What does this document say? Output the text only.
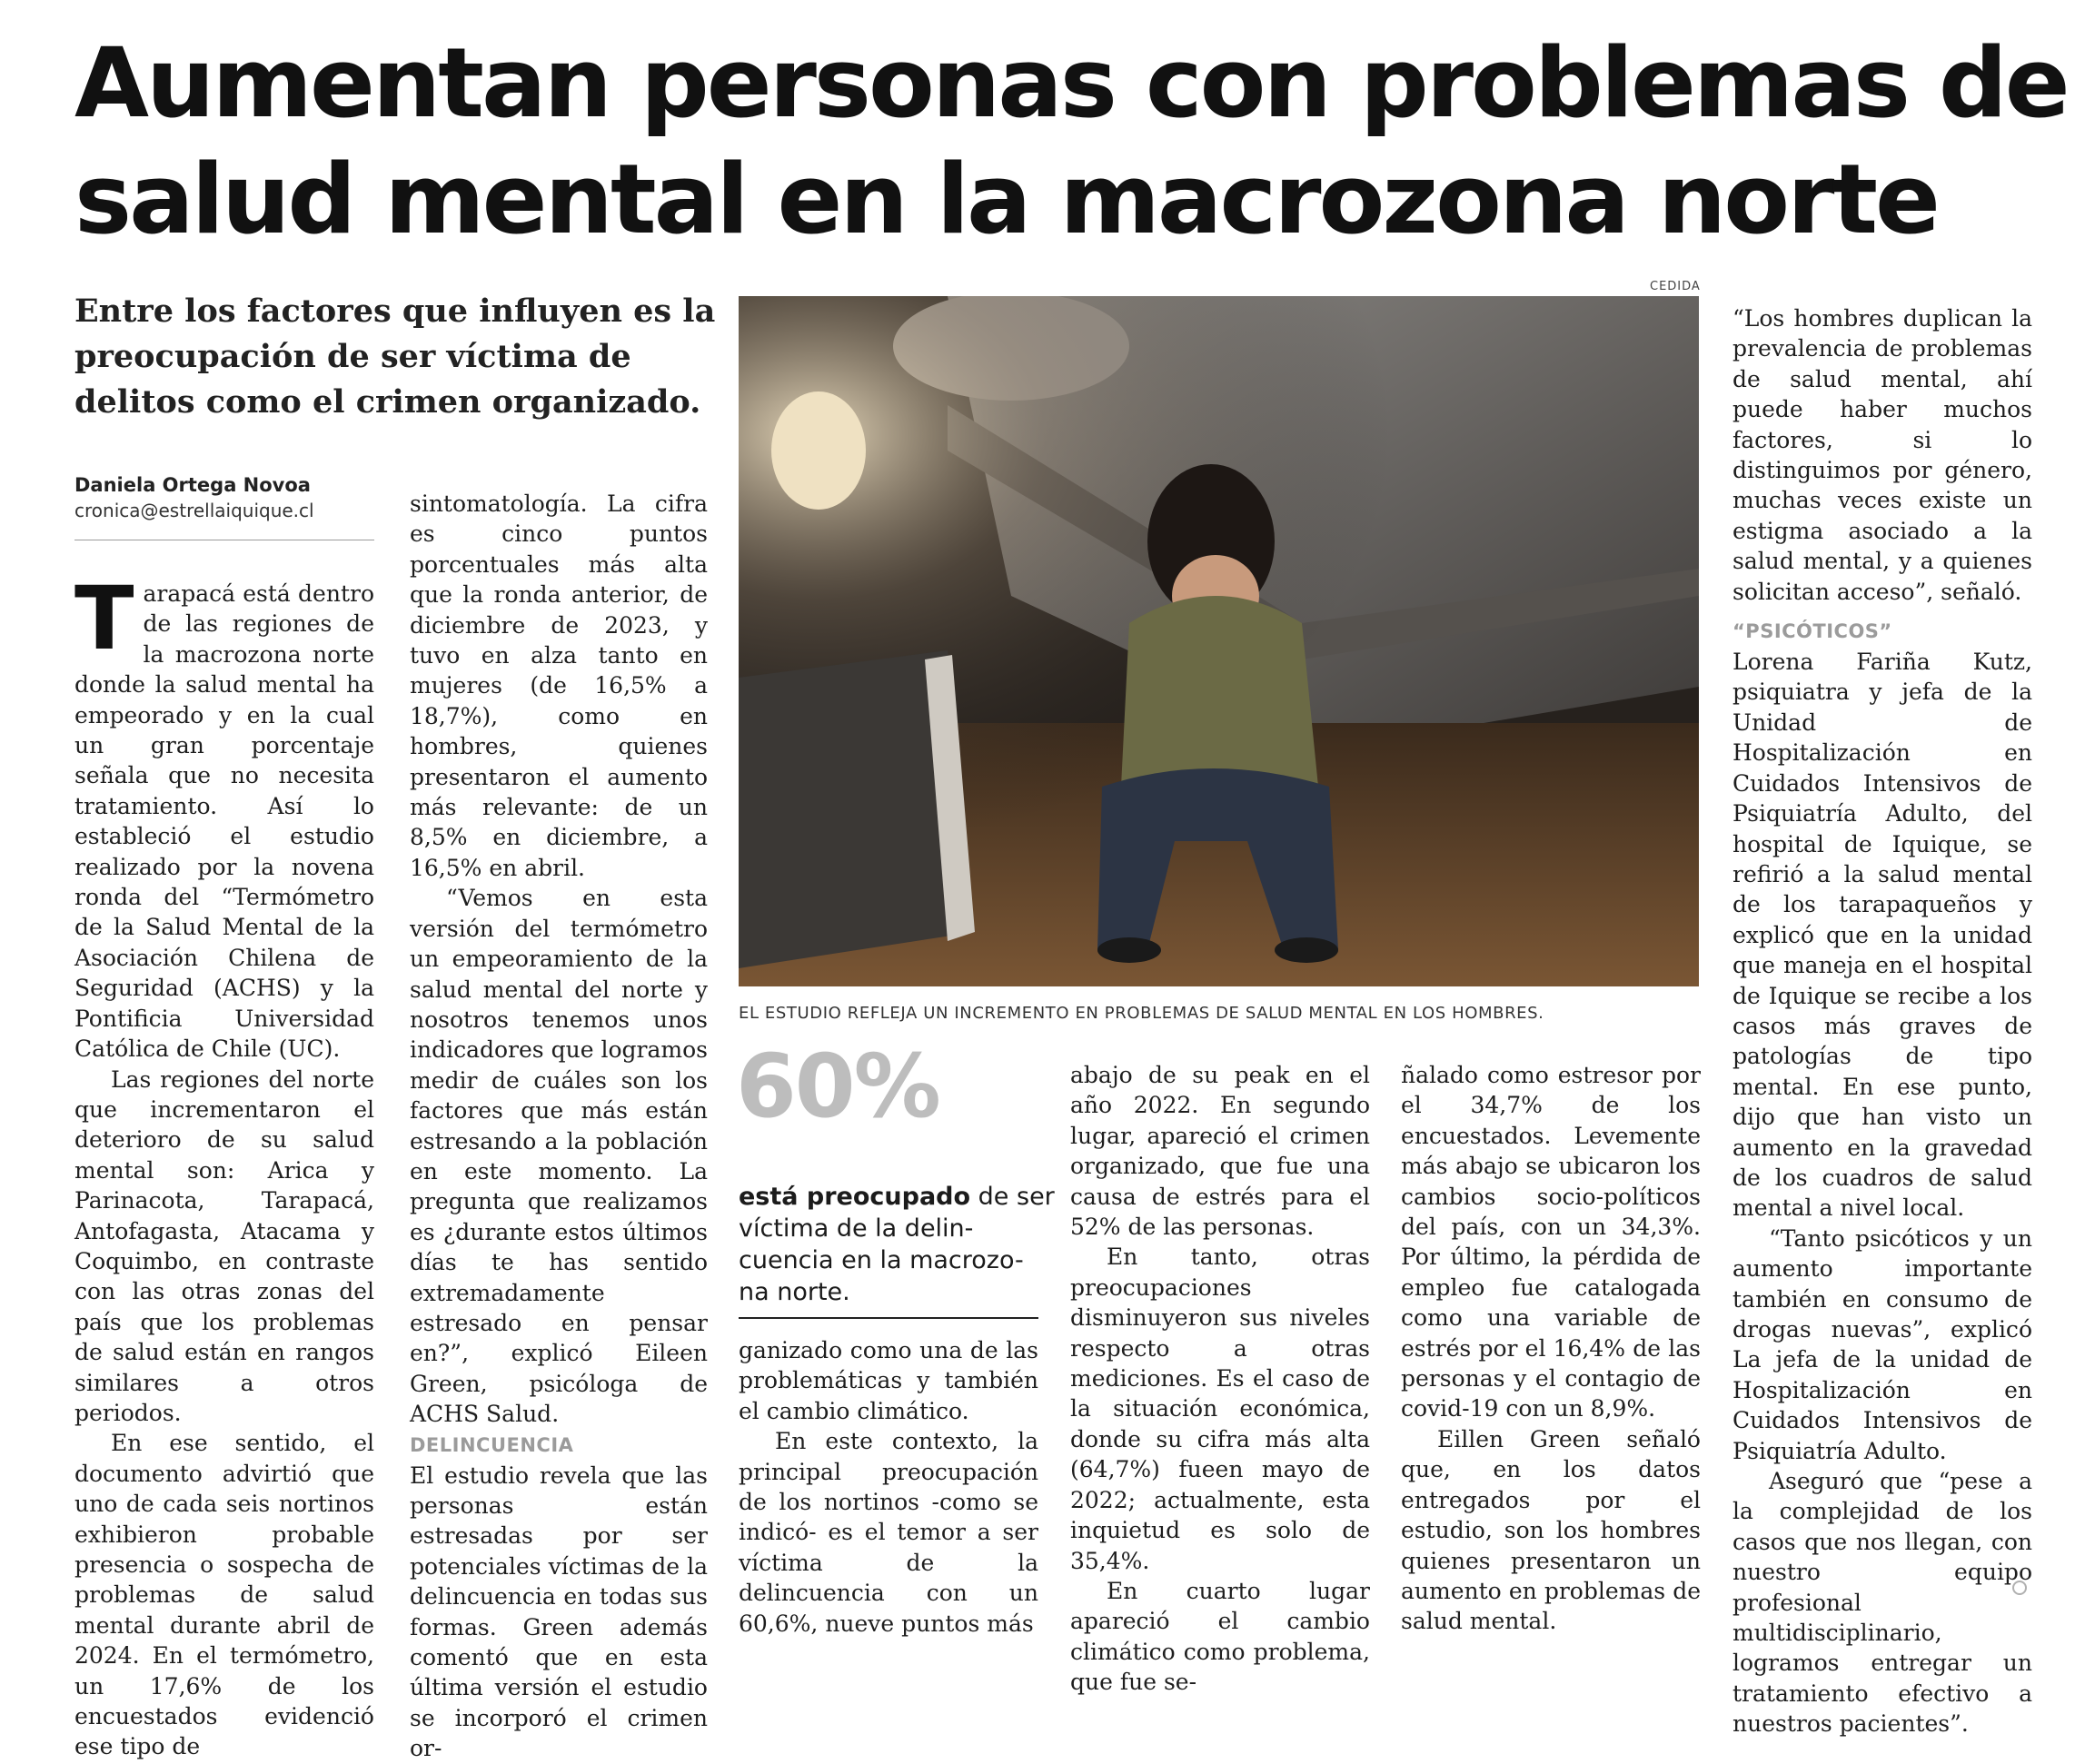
Aumentan personas con problemas de
salud mental en la macrozona norte
Entre los factores que influyen es la
preocupación de ser víctima de
delitos como el crimen organizado.
Daniela Ortega Novoa
cronica@estrellaiquique.cl

Tarapacá está dentro de las regiones de la macrozona norte donde la salud mental ha empeorado y en la cual un gran porcentaje señala que no necesita tratamiento. Así lo estableció el estudio realizado por la novena ronda del “Termómetro de la Salud Mental de la Asociación Chilena de Seguridad (ACHS) y la Pontificia Universidad Católica de Chile (UC).

Las regiones del norte que incrementaron el deterioro de su salud mental son: Arica y Parinacota, Tarapacá, Antofagasta, Atacama y Coquimbo, en contraste con las otras zonas del país que los problemas de salud están en rangos similares a otros periodos.

En ese sentido, el documento advirtió que uno de cada seis nortinos exhibieron probable presencia o sospecha de problemas de salud mental durante abril de 2024. En el termómetro, un 17,6% de los encuestados evidenció ese tipo de

sintomatología. La cifra es cinco puntos porcentuales más alta que la ronda anterior, de diciembre de 2023, y tuvo en alza tanto en mujeres (de 16,5% a 18,7%), como en hombres, quienes presentaron el aumento más relevante: de un 8,5% en diciembre, a 16,5% en abril.

“Vemos en esta versión del termómetro un empeoramiento de la salud mental del norte y nosotros tenemos unos indicadores que logramos medir de cuáles son los factores que más están estresando a la población en este momento. La pregunta que realizamos es ¿durante estos últimos días te has sentido extremadamente estresado en pensar en?”, explicó Eileen Green, psicóloga de ACHS Salud.

DELINCUENCIA

El estudio revela que las personas están estresadas por ser potenciales víctimas de la delincuencia en todas sus formas. Green además comentó que en esta última versión el estudio se incorporó el crimen or-

CEDIDA
EL ESTUDIO REFLEJA UN INCREMENTO EN PROBLEMAS DE SALUD MENTAL EN LOS HOMBRES.
60%
está preocupado de ser
víctima de la delin-
cuencia en la macrozo-
na norte.

ganizado como una de las problemáticas y también el cambio climático.

En este contexto, la principal preocupación de los nortinos -como se indicó- es el temor a ser víctima de la delincuencia con un 60,6%, nueve puntos más

abajo de su peak en el año 2022. En segundo lugar, apareció el crimen organizado, que fue una causa de estrés para el 52% de las personas.

En tanto, otras preocupaciones disminuyeron sus niveles respecto a otras mediciones. Es el caso de la situación económica, donde su cifra más alta (64,7%) fueen mayo de 2022; actualmente, esta inquietud es solo de 35,4%.

En cuarto lugar apareció el cambio climático como problema, que fue se-

ñalado como estresor por el 34,7% de los encuestados. Levemente más abajo se ubicaron los cambios socio-políticos del país, con un 34,3%. Por último, la pérdida de empleo fue catalogada como una variable de estrés por el 16,4% de las personas y el contagio de covid-19 con un 8,9%.

Eillen Green señaló que, en los datos entregados por el estudio, son los hombres quienes presentaron un aumento en problemas de salud mental.

“Los hombres duplican la prevalencia de problemas de salud mental, ahí puede haber muchos factores, si lo distinguimos por género, muchas veces existe un estigma asociado a la salud mental, y a quienes solicitan acceso”, señaló.

“PSICÓTICOS”

Lorena Fariña Kutz, psiquiatra y jefa de la Unidad de Hospitalización en Cuidados Intensivos de Psiquiatría Adulto, del hospital de Iquique, se refirió a la salud mental de los tarapaqueños y explicó que en la unidad que maneja en el hospital de Iquique se recibe a los casos más graves de patologías de tipo mental. En ese punto, dijo que han visto un aumento en la gravedad de los cuadros de salud mental a nivel local.

“Tanto psicóticos y un aumento importante también en consumo de drogas nuevas”, explicó La jefa de la unidad de Hospitalización en Cuidados Intensivos de Psiquiatría Adulto.

Aseguró que “pese a la complejidad de los casos que nos llegan, con nuestro equipo profesional multidisciplinario, logramos entregar un tratamiento efectivo a nuestros pacientes”.
